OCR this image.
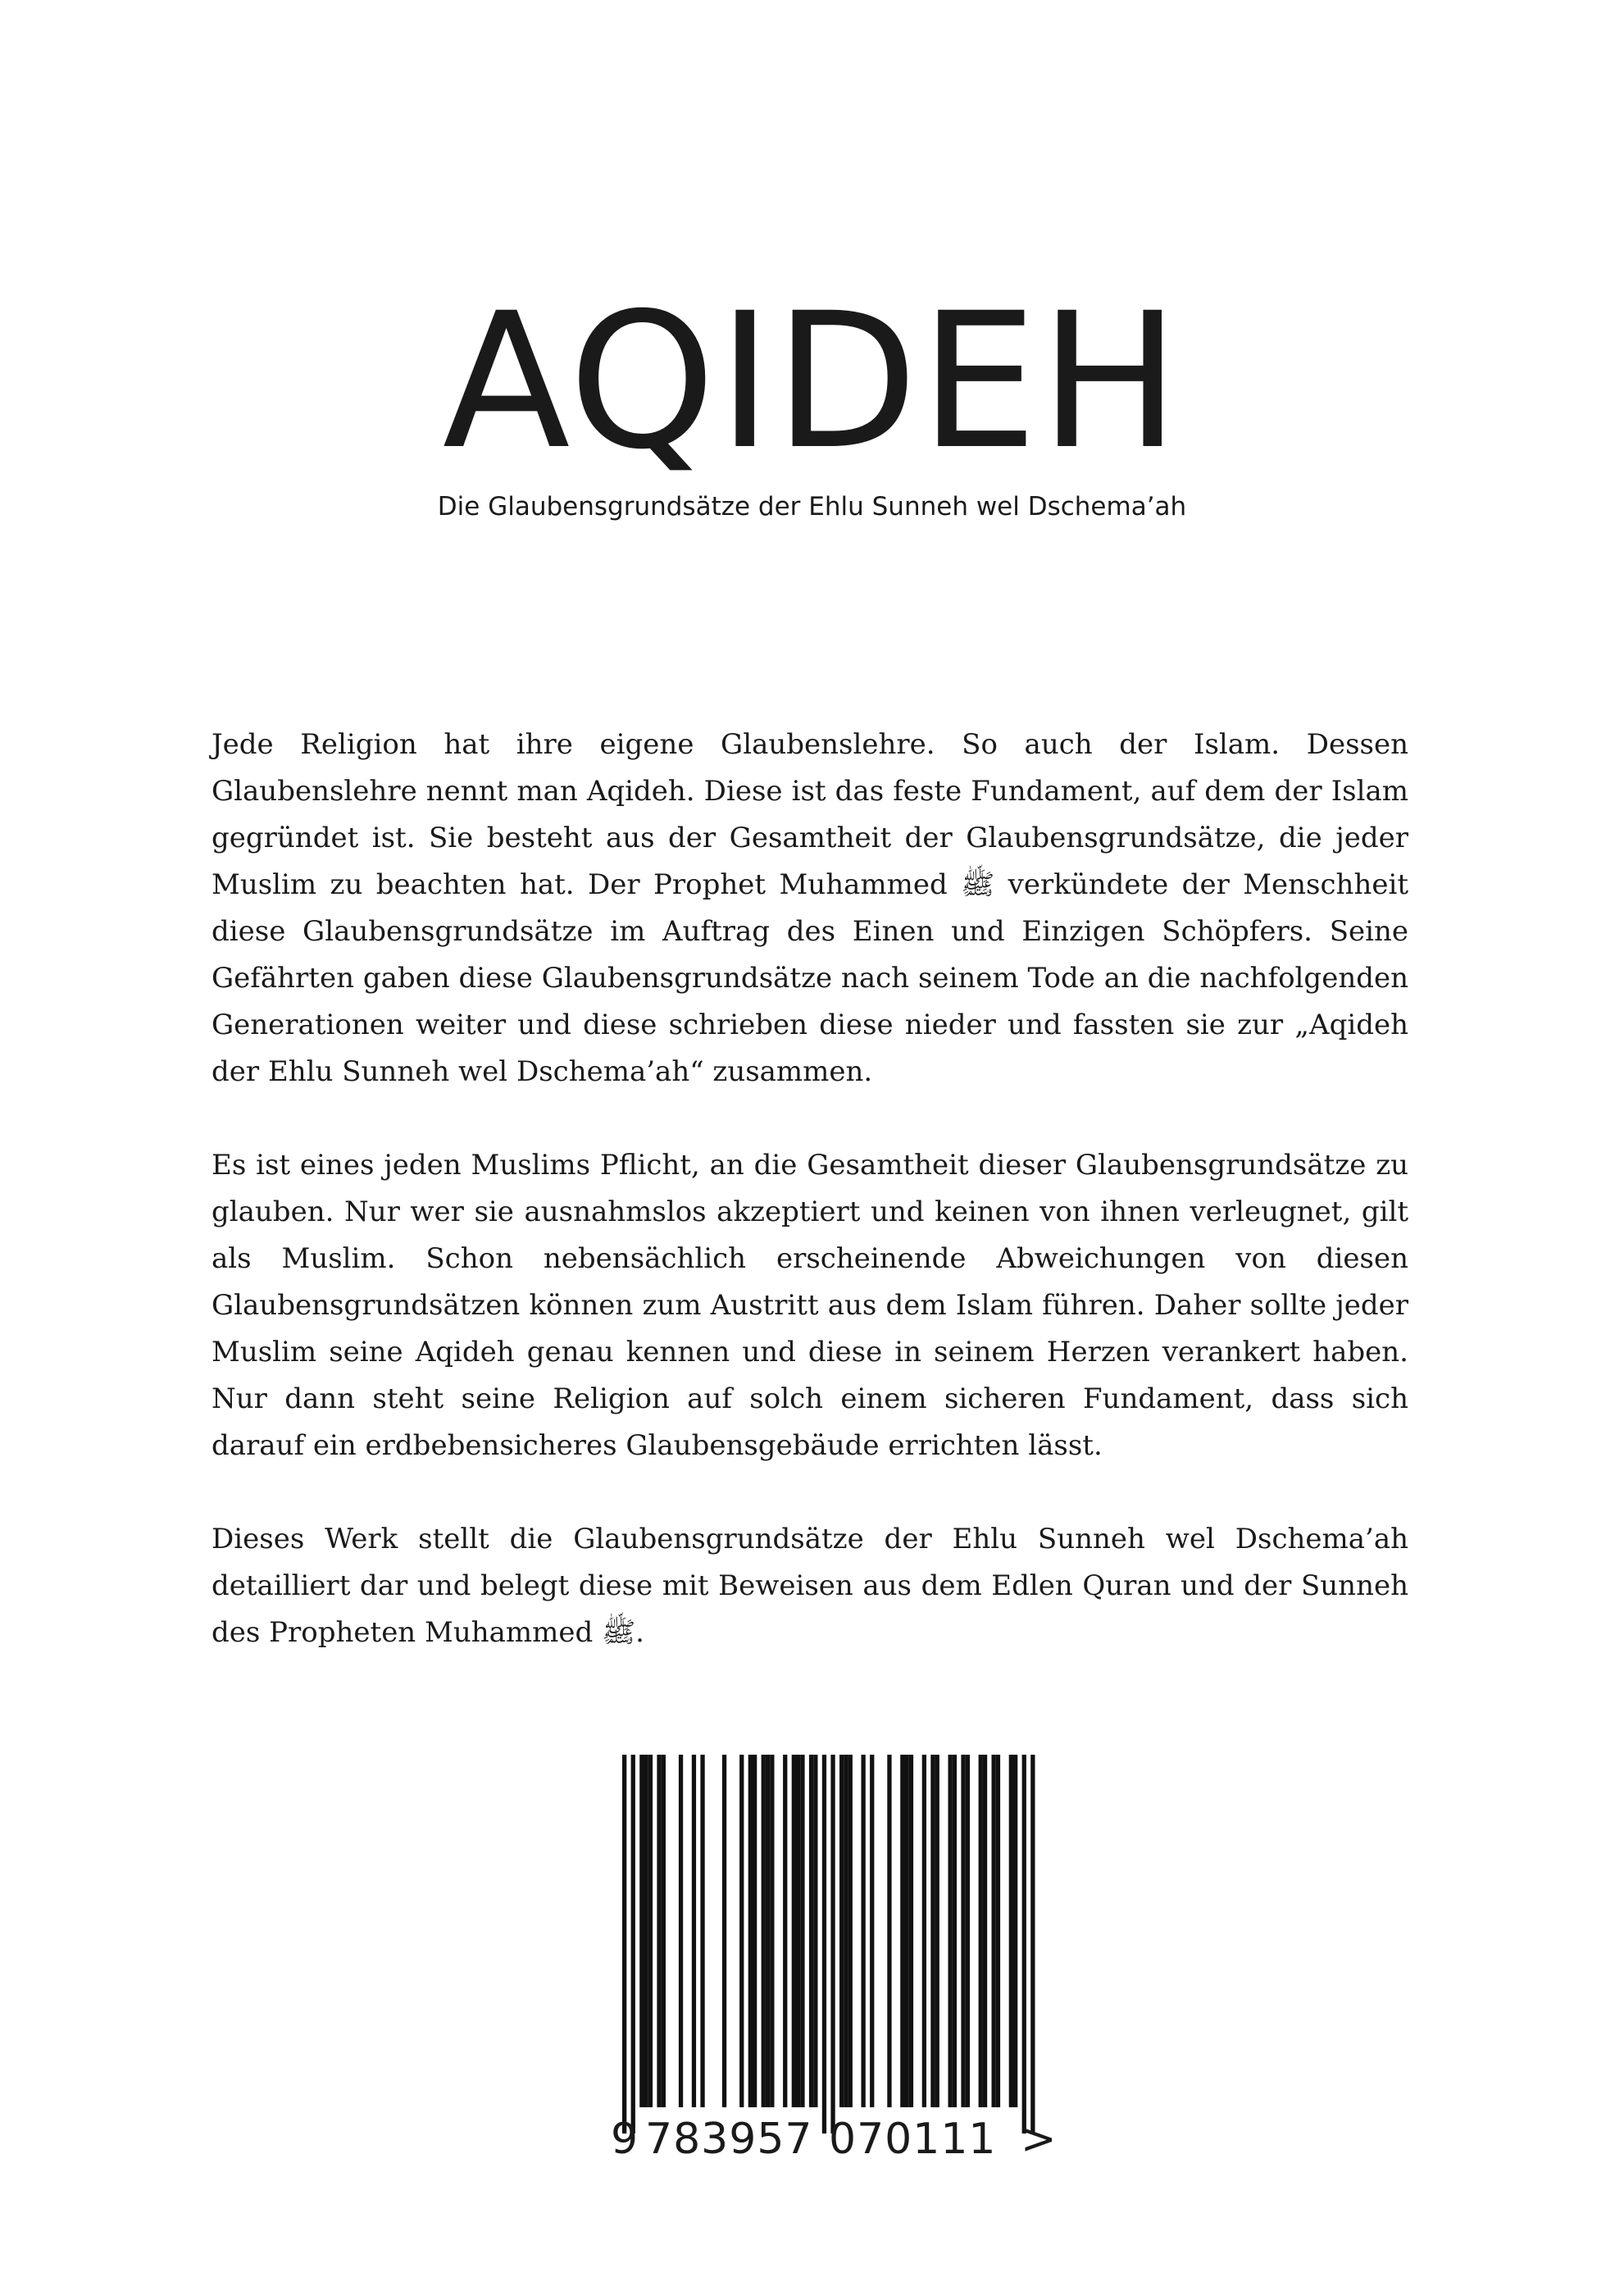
AQIDEH
Die Glaubensgrundsätze der Ehlu Sunneh wel Dschema’ah

Jede Religion hat ihre eigene Glaubenslehre. So auch der Islam. Dessen Glaubenslehre nennt man Aqideh. Diese ist das feste Fundament, auf dem der Islam gegründet ist. Sie besteht aus der Gesamtheit der Glaubensgrundsätze, die jeder Muslim zu beachten hat. Der Prophet Muhammed ﷺ verkündete der Menschheit diese Glaubensgrundsätze im Auftrag des Einen und Einzigen Schöpfers. Seine Gefährten gaben diese Glaubensgrundsätze nach seinem Tode an die nachfolgenden Generationen weiter und diese schrieben diese nieder und fassten sie zur „Aqideh der Ehlu Sunneh wel Dschema’ah“ zusammen.

Es ist eines jeden Muslims Pflicht, an die Gesamtheit dieser Glaubensgrundsätze zu glauben. Nur wer sie ausnahmslos akzeptiert und keinen von ihnen verleugnet, gilt als Muslim. Schon nebensächlich erscheinende Abweichungen von diesen Glaubensgrundsätzen können zum Austritt aus dem Islam führen. Daher sollte jeder Muslim seine Aqideh genau kennen und diese in seinem Herzen verankert haben. Nur dann steht seine Religion auf solch einem sicheren Fundament, dass sich darauf ein erdbebensicheres Glaubensgebäude errichten lässt.

Dieses Werk stellt die Glaubensgrundsätze der Ehlu Sunneh wel Dschema’ah detailliert dar und belegt diese mit Beweisen aus dem Edlen Quran und der Sunneh des Propheten Muhammed ﷺ.

9 783957 070111 >
